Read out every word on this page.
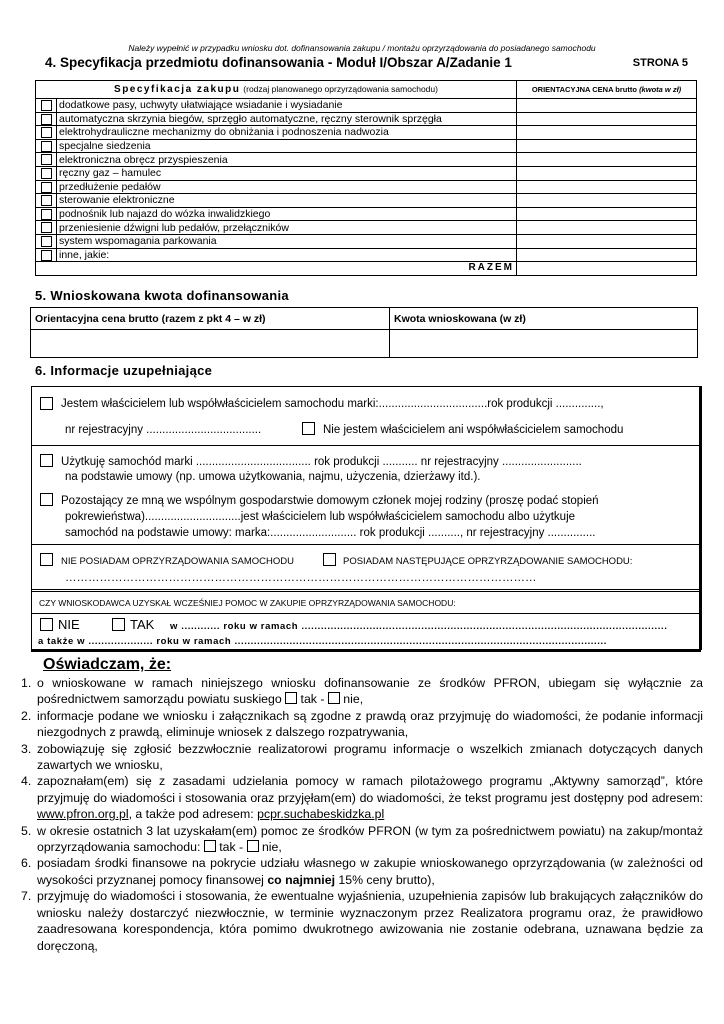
Należy wypełnić w przypadku wniosku dot. dofinansowania zakupu / montażu oprzyrządowania do posiadanego samochodu
4. Specyfikacja przedmiotu dofinansowania - Moduł I/Obszar A/Zadanie 1	STRONA 5
Specyfikacja zakupu (rodzaj planowanego oprzyrządowania samochodu)		ORIENTACYJNA CENA brutto (kwota w zł)
	dodatkowe pasy, uchwyty ułatwiające wsiadanie i wysiadanie	
	automatyczna skrzynia biegów, sprzęgło automatyczne, ręczny sterownik sprzęgła	
	elektrohydrauliczne mechanizmy do obniżania i podnoszenia nadwozia	
	specjalne siedzenia	
	elektroniczna obręcz przyspieszenia	
	ręczny gaz – hamulec	
	przedłużenie pedałów	
	sterowanie elektroniczne	
	podnośnik lub najazd do wózka inwalidzkiego	
	przeniesienie dźwigni lub pedałów, przełączników	
	system wspomagania parkowania	
	inne, jakie:	
	RAZEM	
5. Wnioskowana kwota dofinansowania
Orientacyjna cena brutto (razem z pkt 4 – w zł)	Kwota wnioskowana (w zł)

6. Informacje uzupełniające
Jestem właścicielem lub współwłaścicielem samochodu marki:..................................rok produkcji ..............,
nr rejestracyjny ....................................	Nie jestem właścicielem ani współwłaścicielem samochodu
Użytkuję samochód marki .................................... rok produkcji ........... nr rejestracyjny .........................
na podstawie umowy (np. umowa użytkowania, najmu, użyczenia, dzierżawy itd.).
Pozostający ze mną we wspólnym gospodarstwie domowym członek mojej rodziny (proszę podać stopień
pokrewieństwa)..............................jest właścicielem lub współwłaścicielem samochodu albo użytkuje
samochód na podstawie umowy: marka:........................... rok produkcji .........., nr rejestracyjny ...............
NIE POSIADAM OPRZYRZĄDOWANIA SAMOCHODU	POSIADAM NASTĘPUJĄCE OPRZYRZĄDOWANIE SAMOCHODU:
……………………………………………………………………………………………………………
CZY WNIOSKODAWCA UZYSKAŁ WCZEŚNIEJ POMOC W ZAKUPIE OPRZYRZĄDOWANIA SAMOCHODU:
NIE	TAK w ............ roku w ramach .................................................................................................................
a także w .................... roku w ramach ...................................................................................................................
Oświadczam, że:
1. o wnioskowane w ramach niniejszego wniosku dofinansowanie ze środków PFRON, ubiegam się wyłącznie za pośrednictwem samorządu powiatu suskiego  tak -  nie,
2. informacje podane we wniosku i załącznikach są zgodne z prawdą oraz przyjmuję do wiadomości, że podanie informacji niezgodnych z prawdą, eliminuje wniosek z dalszego rozpatrywania,
3. zobowiązuję się zgłosić bezzwłocznie realizatorowi programu informacje o wszelkich zmianach dotyczących danych zawartych we wniosku,
4. zapoznałam(em) się z zasadami udzielania pomocy w ramach pilotażowego programu „Aktywny samorząd”, które przyjmuję do wiadomości i stosowania oraz przyjęłam(em) do wiadomości, że tekst programu jest dostępny pod adresem: www.pfron.org.pl, a także pod adresem: pcpr.suchabeskidzka.pl
5. w okresie ostatnich 3 lat uzyskałam(em) pomoc ze środków PFRON (w tym za pośrednictwem powiatu) na zakup/montaż oprzyrządowania samochodu:  tak -  nie,
6. posiadam środki finansowe na pokrycie udziału własnego w zakupie wnioskowanego oprzyrządowania (w zależności od wysokości przyznanej pomocy finansowej co najmniej 15% ceny brutto),
7. przyjmuję do wiadomości i stosowania, że ewentualne wyjaśnienia, uzupełnienia zapisów lub brakujących załączników do wniosku należy dostarczyć niezwłocznie, w terminie wyznaczonym przez Realizatora programu oraz, że prawidłowo zaadresowana korespondencja, która pomimo dwukrotnego awizowania nie zostanie odebrana, uznawana będzie za doręczoną,
